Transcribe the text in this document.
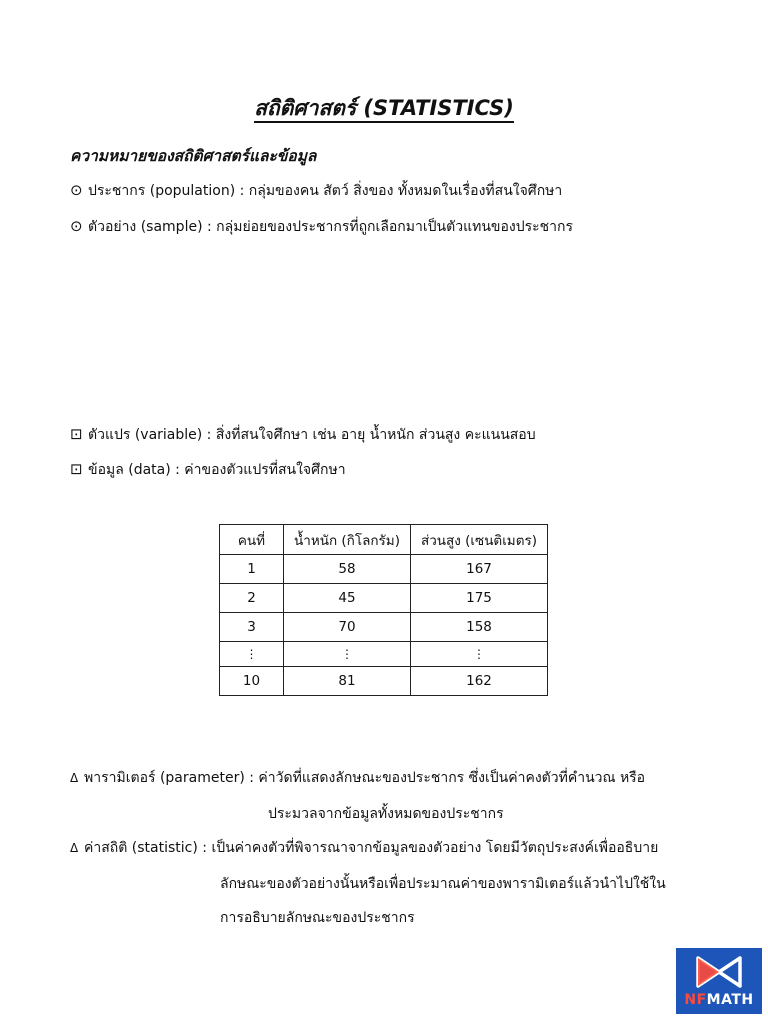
สถิติศาสตร์ (STATISTICS)
ความหมายของสถิติศาสตร์และข้อมูล
⊙ ประชากร (population) : กลุ่มของคน สัตว์ สิ่งของ ทั้งหมดในเรื่องที่สนใจศึกษา
⊙ ตัวอย่าง (sample) : กลุ่มย่อยของประชากรที่ถูกเลือกมาเป็นตัวแทนของประชากร
⊡ ตัวแปร (variable) : สิ่งที่สนใจศึกษา เช่น อายุ น้ำหนัก ส่วนสูง คะแนนสอบ
⊡ ข้อมูล (data) : ค่าของตัวแปรที่สนใจศึกษา
คนที่	น้ำหนัก (กิโลกรัม)	ส่วนสูง (เซนติเมตร)
1	58	167
2	45	175
3	70	158
⋮	⋮	⋮
10	81	162
Δ พารามิเตอร์ (parameter) : ค่าวัดที่แสดงลักษณะของประชากร ซึ่งเป็นค่าคงตัวที่คำนวณ หรือ
ประมวลจากข้อมูลทั้งหมดของประชากร
Δ ค่าสถิติ (statistic) : เป็นค่าคงตัวที่พิจารณาจากข้อมูลของตัวอย่าง โดยมีวัตถุประสงค์เพื่ออธิบาย
ลักษณะของตัวอย่างนั้นหรือเพื่อประมาณค่าของพารามิเตอร์แล้วนำไปใช้ใน
การอธิบายลักษณะของประชากร
NFMATH
